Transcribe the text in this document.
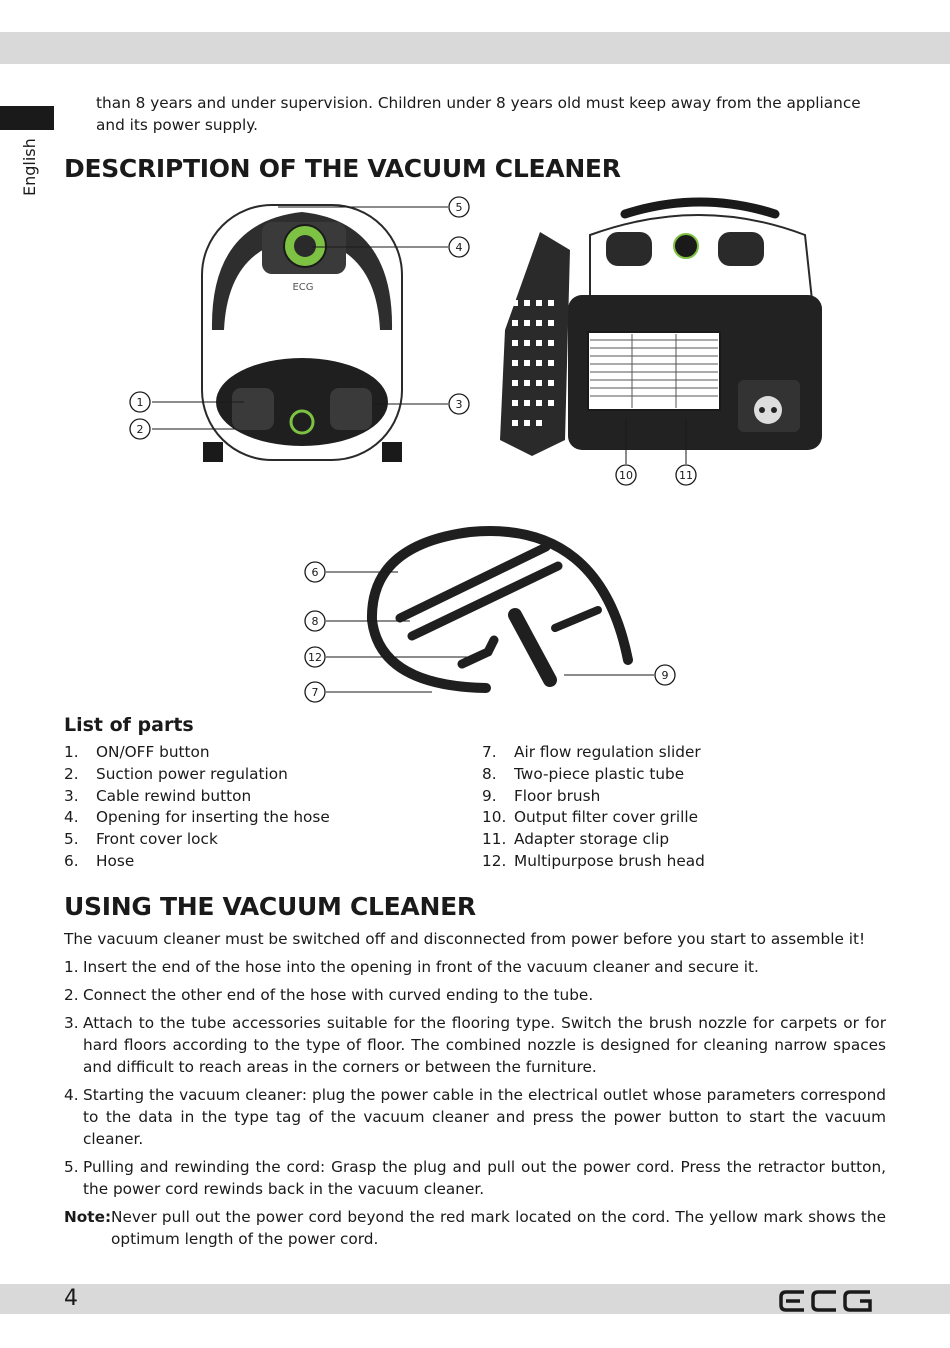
English
than 8 years and under supervision. Children under 8 years old must keep away from the appliance and its power supply.
DESCRIPTION OF THE VACUUM CLEANER
ECG
5
4
1
2
3
10	11
6
8
12
7
9
List of parts
1.	ON/OFF button
2.	Suction power regulation
3.	Cable rewind button
4.	Opening for inserting the hose
5.	Front cover lock
6.	Hose
7.	Air flow regulation slider
8.	Two-piece plastic tube
9.	Floor brush
10. Output filter cover grille
11. Adapter storage clip
12. Multipurpose brush head
USING THE VACUUM CLEANER

The vacuum cleaner must be switched off and disconnected from power before you start to assemble it!

1. Insert the end of the hose into the opening in front of the vacuum cleaner and secure it.
2. Connect the other end of the hose with curved ending to the tube.
3. Attach to the tube accessories suitable for the flooring type. Switch the brush nozzle for carpets or for hard floors according to the type of floor. The combined nozzle is designed for cleaning narrow spaces and difficult to reach areas in the corners or between the furniture.
4. Starting the vacuum cleaner: plug the power cable in the electrical outlet whose parameters correspond to the data in the type tag of the vacuum cleaner and press the power button to start the vacuum cleaner.
5. Pulling and rewinding the cord: Grasp the plug and pull out the power cord. Press the retractor button, the power cord rewinds back in the vacuum cleaner.
Note: Never pull out the power cord beyond the red mark located on the cord. The yellow mark shows the optimum length of the power cord.
4
